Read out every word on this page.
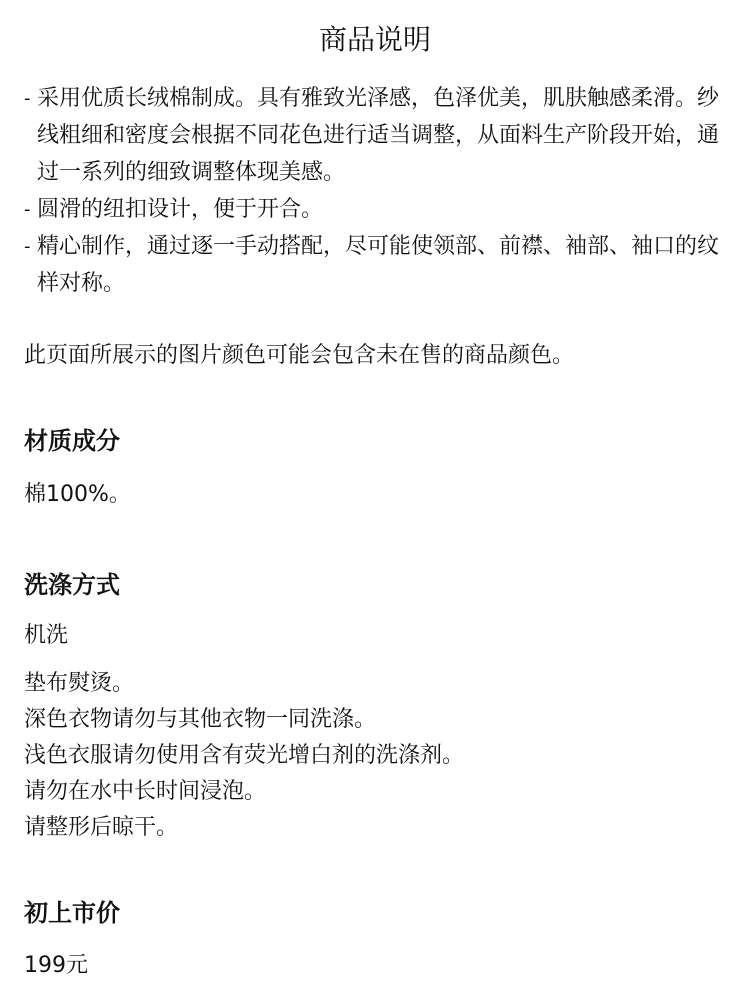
商品说明
- 采用优质长绒棉制成。具有雅致光泽感，色泽优美，肌肤触感柔滑。纱线粗细和密度会根据不同花色进行适当调整，从面料生产阶段开始，通过一系列的细致调整体现美感。
- 圆滑的纽扣设计，便于开合。
- 精心制作，通过逐一手动搭配，尽可能使领部、前襟、袖部、袖口的纹样对称。
此页面所展示的图片颜色可能会包含未在售的商品颜色。
材质成分
棉100%。
洗涤方式
机洗
垫布熨烫。
深色衣物请勿与其他衣物一同洗涤。
浅色衣服请勿使用含有荧光增白剂的洗涤剂。
请勿在水中长时间浸泡。
请整形后晾干。
初上市价
199元
